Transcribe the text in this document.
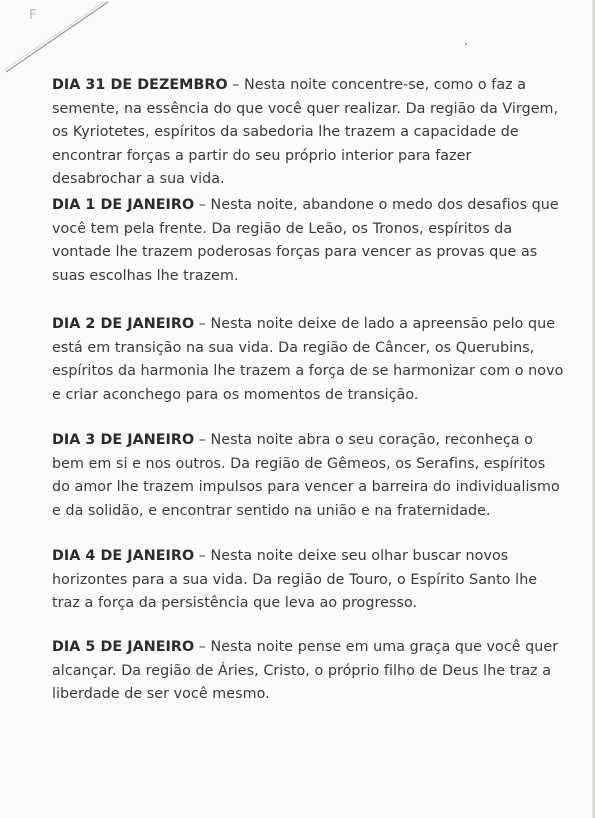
F

DIA 31 DE DEZEMBRO – Nesta noite concentre-se, como o faz a semente, na essência do que você quer realizar. Da região da Virgem, os Kyriotetes, espíritos da sabedoria lhe trazem a capacidade de encontrar forças a partir do seu próprio interior para fazer desabrochar a sua vida.

DIA 1 DE JANEIRO – Nesta noite, abandone o medo dos desafios que você tem pela frente. Da região de Leão, os Tronos, espíritos da vontade lhe trazem poderosas forças para vencer as provas que as suas escolhas lhe trazem.

DIA 2 DE JANEIRO – Nesta noite deixe de lado a apreensão pelo que está em transição na sua vida. Da região de Câncer, os Querubins, espíritos da harmonia lhe trazem a força de se harmonizar com o novo e criar aconchego para os momentos de transição.

DIA 3 DE JANEIRO – Nesta noite abra o seu coração, reconheça o bem em si e nos outros. Da região de Gêmeos, os Serafins, espíritos do amor lhe trazem impulsos para vencer a barreira do individualismo e da solidão, e encontrar sentido na união e na fraternidade.

DIA 4 DE JANEIRO – Nesta noite deixe seu olhar buscar novos horizontes para a sua vida. Da região de Touro, o Espírito Santo lhe traz a força da persistência que leva ao progresso.

DIA 5 DE JANEIRO – Nesta noite pense em uma graça que você quer alcançar. Da região de Áries, Cristo, o próprio filho de Deus lhe traz a liberdade de ser você mesmo.
